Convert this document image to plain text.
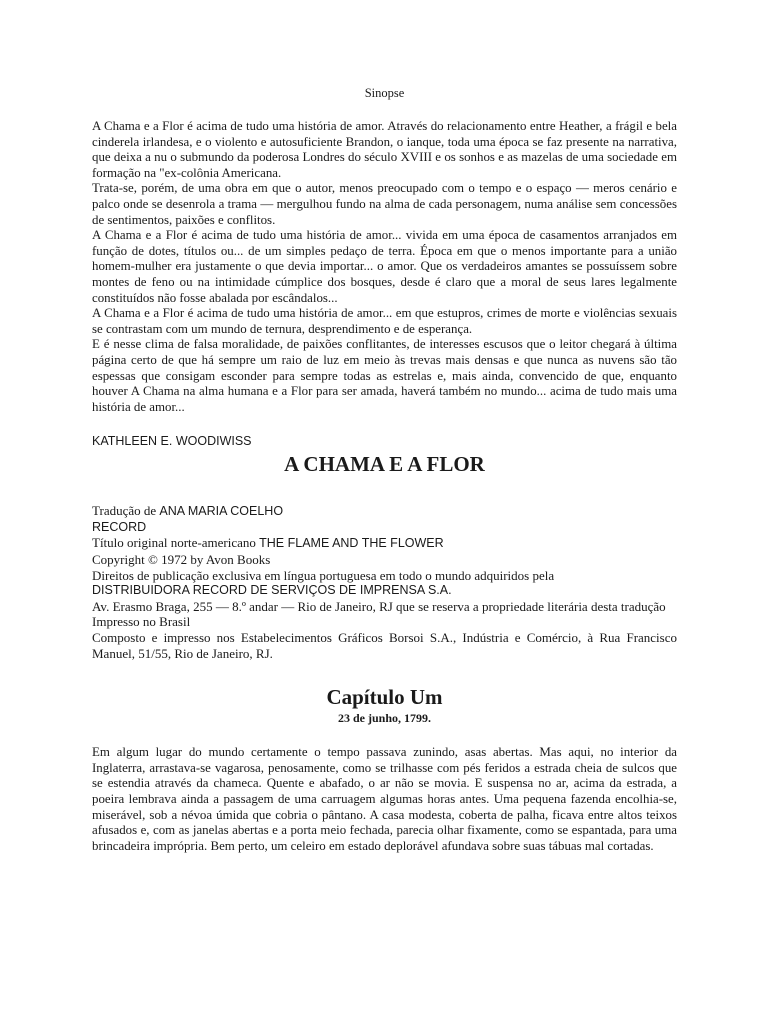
Sinopse

A Chama e a Flor é acima de tudo uma história de amor. Através do relacionamento entre Heather, a frágil e bela cinderela irlandesa, e o violento e autosuficiente Brandon, o ianque, toda uma época se faz presente na narrativa, que deixa a nu o submundo da poderosa Londres do século XVIII e os sonhos e as mazelas de uma sociedade em formação na "ex-colônia Americana.

Trata-se, porém, de uma obra em que o autor, menos preocupado com o tempo e o espaço — meros cenário e palco onde se desenrola a trama — mergulhou fundo na alma de cada personagem, numa análise sem concessões de sentimentos, paixões e conflitos.

A Chama e a Flor é acima de tudo uma história de amor... vivida em uma época de casamentos arranjados em função de dotes, títulos ou... de um simples pedaço de terra. Época em que o menos importante para a união homem-mulher era justamente o que devia importar... o amor. Que os verdadeiros amantes se possuíssem sobre montes de feno ou na intimidade cúmplice dos bosques, desde é claro que a moral de seus lares legalmente constituídos não fosse abalada por escândalos...

A Chama e a Flor é acima de tudo uma história de amor... em que estupros, crimes de morte e violências sexuais se contrastam com um mundo de ternura, desprendimento e de esperança.

E é nesse clima de falsa moralidade, de paixões conflitantes, de interesses escusos que o leitor chegará à última página certo de que há sempre um raio de luz em meio às trevas mais densas e que nunca as nuvens são tão espessas que consigam esconder para sempre todas as estrelas e, mais ainda, convencido de que, enquanto houver A Chama na alma humana e a Flor para ser amada, haverá também no mundo... acima de tudo mais uma história de amor...

KATHLEEN E. WOODIWISS
A CHAMA E A FLOR

Tradução de ANA MARIA COELHO

RECORD

Título original norte-americano THE FLAME AND THE FLOWER

Copyright © 1972 by Avon Books

Direitos de publicação exclusiva em língua portuguesa em todo o mundo adquiridos pela

DISTRIBUIDORA RECORD DE SERVIÇOS DE IMPRENSA S.A.

Av. Erasmo Braga, 255 — 8.º andar — Rio de Janeiro, RJ que se reserva a propriedade literária desta tradução

Impresso no Brasil

Composto e impresso nos Estabelecimentos Gráficos Borsoi S.A., Indústria e Comércio, à Rua Francisco Manuel, 51/55, Rio de Janeiro, RJ.

Capítulo Um
23 de junho, 1799.

Em algum lugar do mundo certamente o tempo passava zunindo, asas abertas. Mas aqui, no interior da Inglaterra, arrastava-se vagarosa, penosamente, como se trilhasse com pés feridos a estrada cheia de sulcos que se estendia através da chameca. Quente e abafado, o ar não se movia. E suspensa no ar, acima da estrada, a poeira lembrava ainda a passagem de uma carruagem algumas horas antes. Uma pequena fazenda encolhia-se, miserável, sob a névoa úmida que cobria o pântano. A casa modesta, coberta de palha, ficava entre altos teixos afusados e, com as janelas abertas e a porta meio fechada, parecia olhar fixamente, como se espantada, para uma brincadeira imprópria. Bem perto, um celeiro em estado deplorável afundava sobre suas tábuas mal cortadas.
